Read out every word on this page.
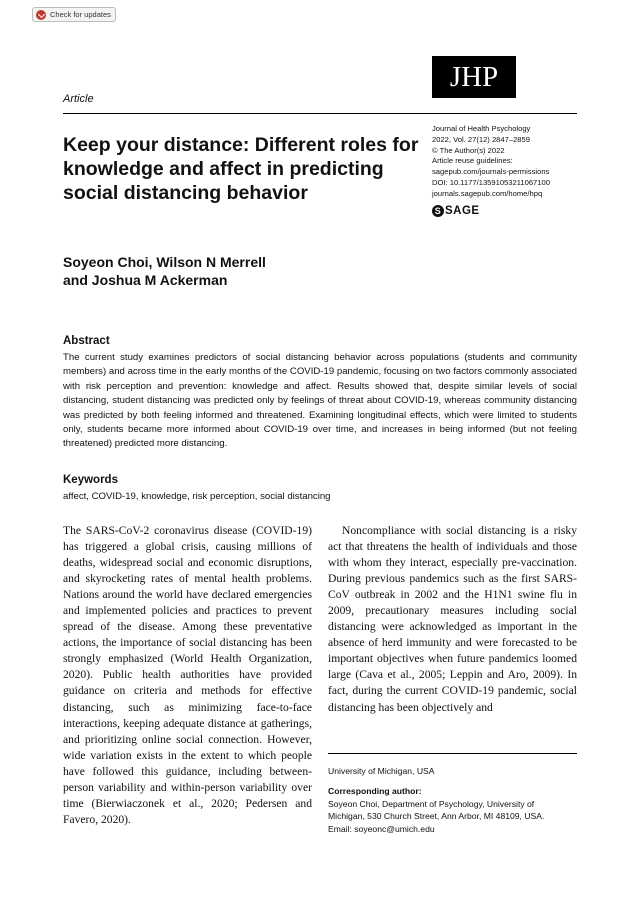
Check for updates
JHP
Article
Keep your distance: Different roles for knowledge and affect in predicting social distancing behavior
Journal of Health Psychology
2022, Vol. 27(12) 2847–2859
© The Author(s) 2022
Article reuse guidelines:
sagepub.com/journals-permissions
DOI: 10.1177/13591053211067100
journals.sagepub.com/home/hpq
S SAGE
Soyeon Choi, Wilson N Merrell
and Joshua M Ackerman
Abstract
The current study examines predictors of social distancing behavior across populations (students and community members) and across time in the early months of the COVID-19 pandemic, focusing on two factors commonly associated with risk perception and prevention: knowledge and affect. Results showed that, despite similar levels of social distancing, student distancing was predicted only by feelings of threat about COVID-19, whereas community distancing was predicted by both feeling informed and threatened. Examining longitudinal effects, which were limited to students only, students became more informed about COVID-19 over time, and increases in being informed (but not feeling threatened) predicted more distancing.
Keywords
affect, COVID-19, knowledge, risk perception, social distancing

The SARS-CoV-2 coronavirus disease (COVID-19) has triggered a global crisis, causing millions of deaths, widespread social and economic disruptions, and skyrocketing rates of mental health problems. Nations around the world have declared emergencies and implemented policies and practices to prevent spread of the disease. Among these preventative actions, the importance of social distancing has been strongly emphasized (World Health Organization, 2020). Public health authorities have provided guidance on criteria and methods for effective distancing, such as minimizing face-to-face interactions, keeping adequate distance at gatherings, and prioritizing online social connection. However, wide variation exists in the extent to which people have followed this guidance, including between-person variability and within-person variability over time (Bierwiaczonek et al., 2020; Pedersen and Favero, 2020).

Noncompliance with social distancing is a risky act that threatens the health of individuals and those with whom they interact, especially pre-vaccination. During previous pandemics such as the first SARS-CoV outbreak in 2002 and the H1N1 swine flu in 2009, precautionary measures including social distancing were acknowledged as important in the absence of herd immunity and were forecasted to be important objectives when future pandemics loomed large (Cava et al., 2005; Leppin and Aro, 2009). In fact, during the current COVID-19 pandemic, social distancing has been objectively and

University of Michigan, USA
Corresponding author:
Soyeon Choi, Department of Psychology, University of
Michigan, 530 Church Street, Ann Arbor, MI 48109, USA.
Email: soyeonc@umich.edu
